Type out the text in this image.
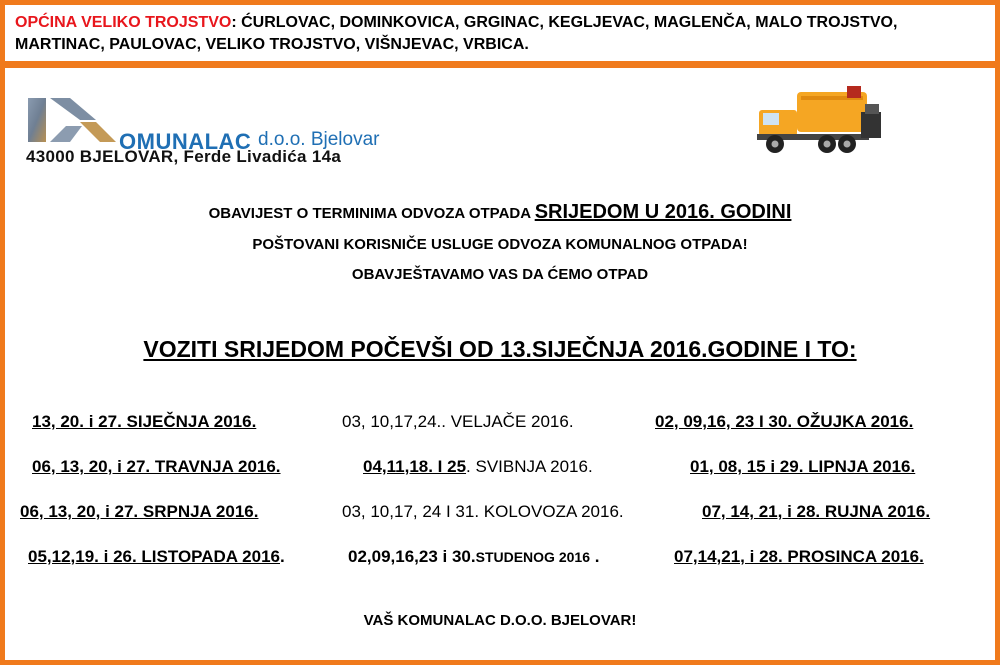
OPĆINA VELIKO TROJSTVO: ĆURLOVAC, DOMINKOVICA, GRGINAC, KEGLJEVAC, MAGLENČA, MALO TROJSTVO, MARTINAC, PAULOVAC, VELIKO TROJSTVO, VIŠNJEVAC, VRBICA.
OMUNALAC d.o.o. Bjelovar
43000 BJELOVAR, Ferde Livadića 14a
OBAVIJEST O TERMINIMA ODVOZA OTPADA SRIJEDOM U 2016. GODINI
POŠTOVANI KORISNIČE USLUGE ODVOZA KOMUNALNOG OTPADA!
OBAVJEŠTAVAMO VAS DA ĆEMO OTPAD
VOZITI SRIJEDOM POČEVŠI OD 13.SIJEČNJA 2016.GODINE I TO:
13, 20. i 27. SIJEČNJA 2016.	03, 10,17,24.. VELJAČE 2016.	02, 09,16, 23 I 30. OŽUJKA 2016.
06, 13, 20, i 27. TRAVNJA 2016.	04,11,18. I 25. SVIBNJA 2016.	01, 08, 15 i 29. LIPNJA 2016.
06, 13, 20, i 27. SRPNJA 2016.	03, 10,17, 24 I 31. KOLOVOZA 2016.	07, 14, 21, i 28. RUJNA 2016.
05,12,19. i 26. LISTOPADA 2016.	02,09,16,23 i 30.STUDENOG 2016 .	07,14,21, i 28. PROSINCA 2016.
VAŠ KOMUNALAC D.O.O. BJELOVAR!
